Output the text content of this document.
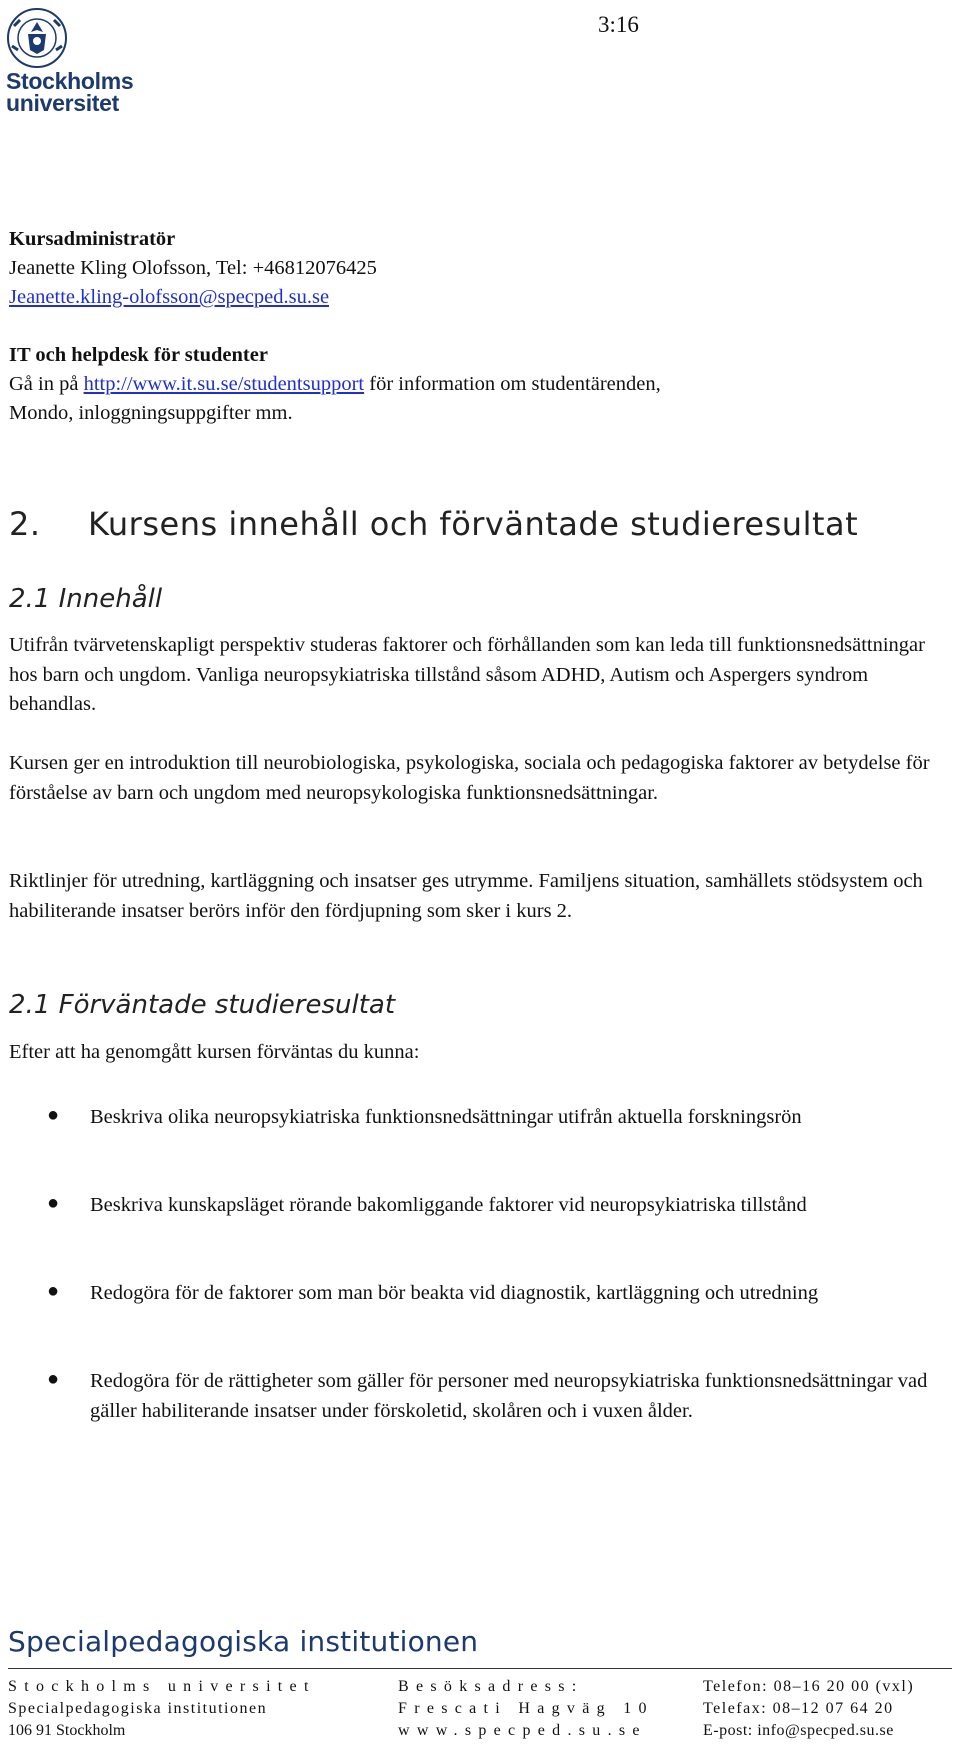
Stockholms
universitet
3:16
Kursadministratör
Jeanette Kling Olofsson, Tel: +46812076425
Jeanette.kling-olofsson@specped.su.se
IT och helpdesk för studenter
Gå in på http://www.it.su.se/studentsupport för information om studentärenden,
Mondo, inloggningsuppgifter mm.
2. Kursens innehåll och förväntade studieresultat
2.1 Innehåll

Utifrån tvärvetenskapligt perspektiv studeras faktorer och förhållanden som kan leda till funktionsnedsättningar hos barn och ungdom. Vanliga neuropsykiatriska tillstånd såsom ADHD, Autism och Aspergers syndrom behandlas.

Kursen ger en introduktion till neurobiologiska, psykologiska, sociala och pedagogiska faktorer av betydelse för förståelse av barn och ungdom med neuropsykologiska funktionsnedsättningar.

Riktlinjer för utredning, kartläggning och insatser ges utrymme. Familjens situation, samhällets stödsystem och habiliterande insatser berörs inför den fördjupning som sker i kurs 2.

2.1 Förväntade studieresultat

Efter att ha genomgått kursen förväntas du kunna:

● Beskriva olika neuropsykiatriska funktionsnedsättningar utifrån aktuella forskningsrön

● Beskriva kunskapsläget rörande bakomliggande faktorer vid neuropsykiatriska tillstånd

● Redogöra för de faktorer som man bör beakta vid diagnostik, kartläggning och utredning

● Redogöra för de rättigheter som gäller för personer med neuropsykiatriska funktionsnedsättningar vad gäller habiliterande insatser under förskoletid, skolåren och i vuxen ålder.

Specialpedagogiska institutionen
Stockholms universitet
Specialpedagogiska institutionen
106 91 Stockholm
Besöksadress:
Frescati Hagväg 10
www.specped.su.se
Telefon: 08–16 20 00 (vxl)
Telefax: 08–12 07 64 20
E-post: info@specped.su.se
